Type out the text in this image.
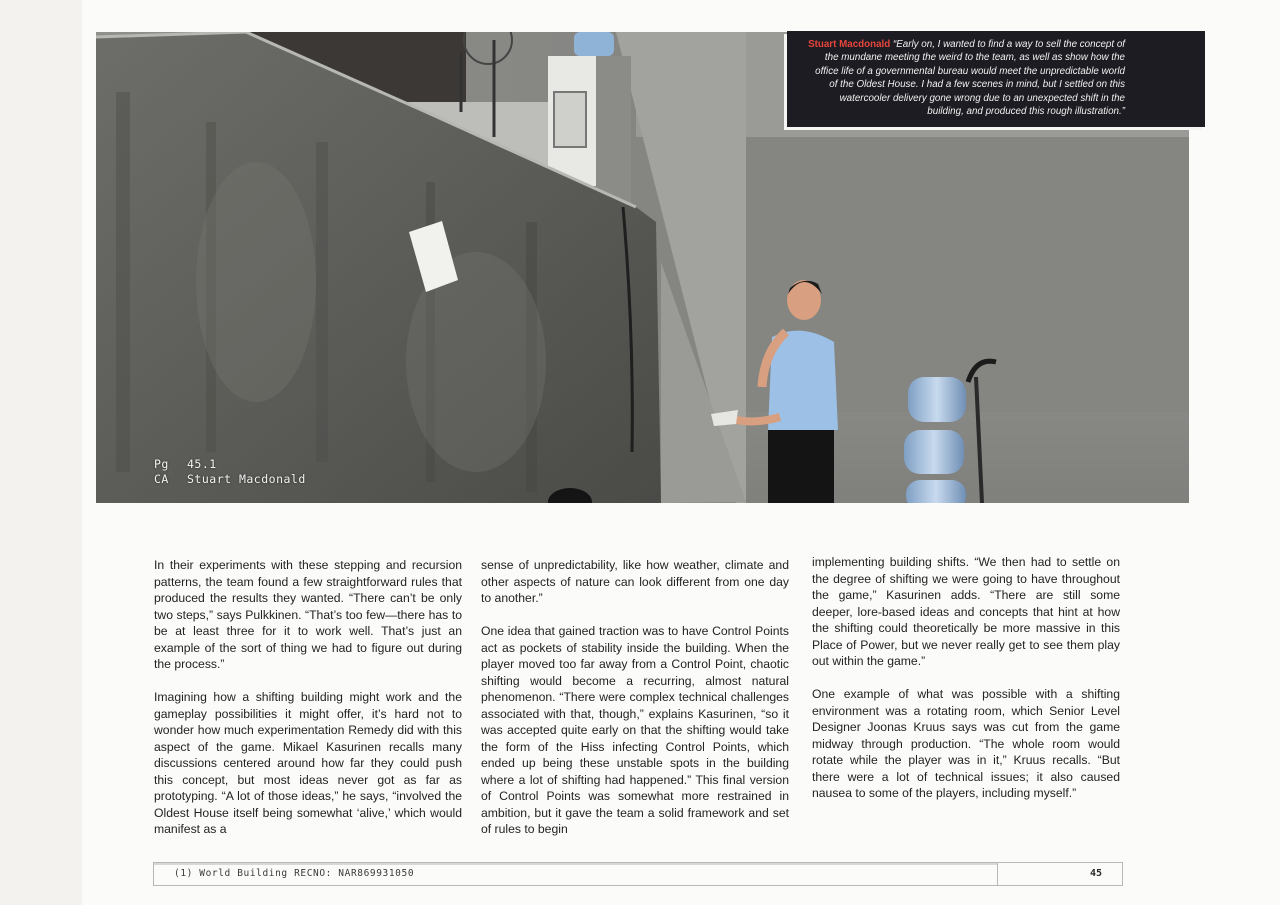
Pg 45.1
CA Stuart Macdonald

Stuart Macdonald “Early on, I wanted to find a way to sell the concept of the mundane meeting the weird to the team, as well as show how the office life of a governmental bureau would meet the unpredictable world of the Oldest House. I had a few scenes in mind, but I settled on this watercooler delivery gone wrong due to an unexpected shift in the building, and produced this rough illustration.”

In their experiments with these stepping and recursion patterns, the team found a few straightforward rules that produced the results they wanted. “There can’t be only two steps,” says Pulkkinen. “That’s too few—there has to be at least three for it to work well. That’s just an example of the sort of thing we had to figure out during the process.”

Imagining how a shifting building might work and the gameplay possibilities it might offer, it’s hard not to wonder how much experimentation Remedy did with this aspect of the game. Mikael Kasurinen recalls many discussions centered around how far they could push this concept, but most ideas never got as far as prototyping. “A lot of those ideas,” he says, “involved the Oldest House itself being somewhat ‘alive,’ which would manifest as a

sense of unpredictability, like how weather, climate and other aspects of nature can look different from one day to another.”

One idea that gained traction was to have Control Points act as pockets of stability inside the building. When the player moved too far away from a Control Point, chaotic shifting would become a recurring, almost natural phenomenon. “There were complex technical challenges associated with that, though,” explains Kasurinen, “so it was accepted quite early on that the shifting would take the form of the Hiss infecting Control Points, which ended up being these unstable spots in the building where a lot of shifting had happened.” This final version of Control Points was somewhat more restrained in ambition, but it gave the team a solid framework and set of rules to begin

implementing building shifts. “We then had to settle on the degree of shifting we were going to have throughout the game,” Kasurinen adds. “There are still some deeper, lore-based ideas and concepts that hint at how the shifting could theoretically be more massive in this Place of Power, but we never really get to see them play out within the game.”

One example of what was possible with a shifting environment was a rotating room, which Senior Level Designer Joonas Kruus says was cut from the game midway through production. “The whole room would rotate while the player was in it,” Kruus recalls. “But there were a lot of technical issues; it also caused nausea to some of the players, including myself.”

(1) World Building RECNO: NAR869931050	45
